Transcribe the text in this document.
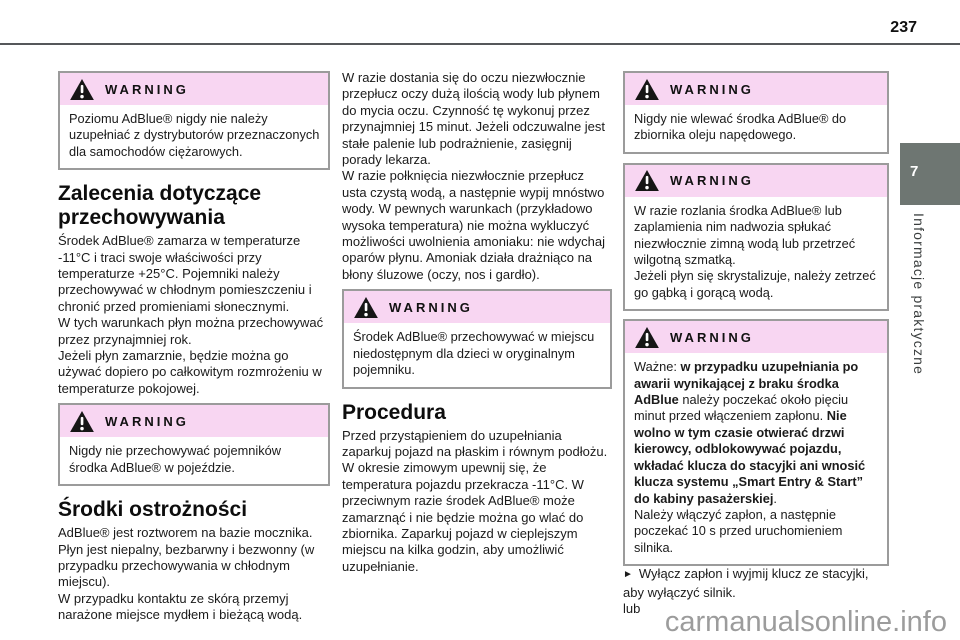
237
WARNING

Poziomu AdBlue® nigdy nie należy uzupełniać z dystrybutorów przeznaczonych dla samochodów ciężarowych.

Zalecenia dotyczące przechowywania

Środek AdBlue® zamarza w temperaturze -11°C i traci swoje właściwości przy temperaturze +25°C. Pojemniki należy przechowywać w chłodnym pomieszczeniu i chronić przed promieniami słonecznymi.

W tych warunkach płyn można przechowywać przez przynajmniej rok.

Jeżeli płyn zamarznie, będzie można go używać dopiero po całkowitym rozmrożeniu w temperaturze pokojowej.

WARNING

Nigdy nie przechowywać pojemników środka AdBlue® w pojeździe.

Środki ostrożności

AdBlue® jest roztworem na bazie mocznika. Płyn jest niepalny, bezbarwny i bezwonny (w przypadku przechowywania w chłodnym miejscu).

W przypadku kontaktu ze skórą przemyj narażone miejsce mydłem i bieżącą wodą.

W razie dostania się do oczu niezwłocznie przepłucz oczy dużą ilością wody lub płynem do mycia oczu. Czynność tę wykonuj przez przynajmniej 15 minut. Jeżeli odczuwalne jest stałe palenie lub podrażnienie, zasięgnij porady lekarza.

W razie połknięcia niezwłocznie przepłucz usta czystą wodą, a następnie wypij mnóstwo wody. W pewnych warunkach (przykładowo wysoka temperatura) nie można wykluczyć możliwości uwolnienia amoniaku: nie wdychaj oparów płynu. Amoniak działa drażniąco na błony śluzowe (oczy, nos i gardło).

WARNING

Środek AdBlue® przechowywać w miejscu niedostępnym dla dzieci w oryginalnym pojemniku.

Procedura

Przed przystąpieniem do uzupełniania zaparkuj pojazd na płaskim i równym podłożu.

W okresie zimowym upewnij się, że temperatura pojazdu przekracza -11°C. W przeciwnym razie środek AdBlue® może zamarznąć i nie będzie można go wlać do zbiornika. Zaparkuj pojazd w cieplejszym miejscu na kilka godzin, aby umożliwić uzupełnianie.

WARNING

Nigdy nie wlewać środka AdBlue® do zbiornika oleju napędowego.

WARNING

W razie rozlania środka AdBlue® lub zaplamienia nim nadwozia spłukać niezwłocznie zimną wodą lub przetrzeć wilgotną szmatką.

Jeżeli płyn się skrystalizuje, należy zetrzeć go gąbką i gorącą wodą.

WARNING

Ważne: w przypadku uzupełniania po awarii wynikającej z braku środka AdBlue należy poczekać około pięciu minut przed włączeniem zapłonu. Nie wolno w tym czasie otwierać drzwi kierowcy, odblokowywać pojazdu, wkładać klucza do stacyjki ani wnosić klucza systemu „Smart Entry & Start” do kabiny pasażerskiej.

Należy włączyć zapłon, a następnie poczekać 10 s przed uruchomieniem silnika.

► Wyłącz zapłon i wyjmij klucz ze stacyjki, aby wyłączyć silnik.

lub

7
Informacje praktyczne
carmanualsonline.info
